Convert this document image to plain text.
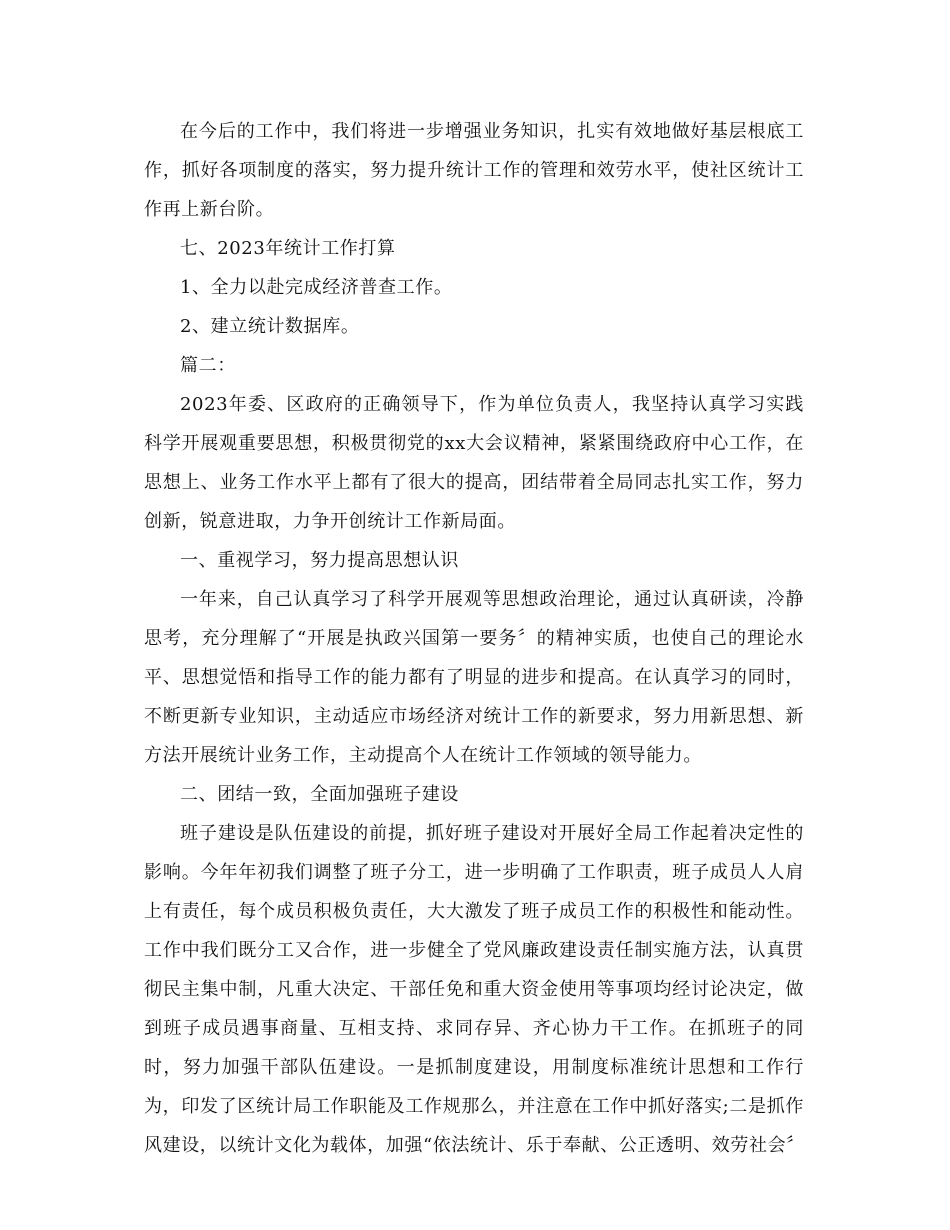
在今后的工作中，我们将进一步增强业务知识，扎实有效地做好基层根底工作，抓好各项制度的落实，努力提升统计工作的管理和效劳水平，使社区统计工作再上新台阶。

七、2023年统计工作打算

1、全力以赴完成经济普查工作。

2、建立统计数据库。

篇二：

2023年委、区政府的正确领导下，作为单位负责人，我坚持认真学习实践科学开展观重要思想，积极贯彻党的xx大会议精神，紧紧围绕政府中心工作，在思想上、业务工作水平上都有了很大的提高，团结带着全局同志扎实工作，努力创新，锐意进取，力争开创统计工作新局面。

一、重视学习，努力提高思想认识

一年来，自己认真学习了科学开展观等思想政治理论，通过认真研读，冷静思考，充分理解了“开展是执政兴国第一要务〞的精神实质，也使自己的理论水平、思想觉悟和指导工作的能力都有了明显的进步和提高。在认真学习的同时，不断更新专业知识，主动适应市场经济对统计工作的新要求，努力用新思想、新方法开展统计业务工作，主动提高个人在统计工作领域的领导能力。

二、团结一致，全面加强班子建设

班子建设是队伍建设的前提，抓好班子建设对开展好全局工作起着决定性的影响。今年年初我们调整了班子分工，进一步明确了工作职责，班子成员人人肩上有责任，每个成员积极负责任，大大激发了班子成员工作的积极性和能动性。工作中我们既分工又合作，进一步健全了党风廉政建设责任制实施方法，认真贯彻民主集中制，凡重大决定、干部任免和重大资金使用等事项均经讨论决定，做到班子成员遇事商量、互相支持、求同存异、齐心协力干工作。在抓班子的同时，努力加强干部队伍建设。一是抓制度建设，用制度标准统计思想和工作行为，印发了区统计局工作职能及工作规那么，并注意在工作中抓好落实;二是抓作风建设，以统计文化为载体，加强“依法统计、乐于奉献、公正透明、效劳社会〞
